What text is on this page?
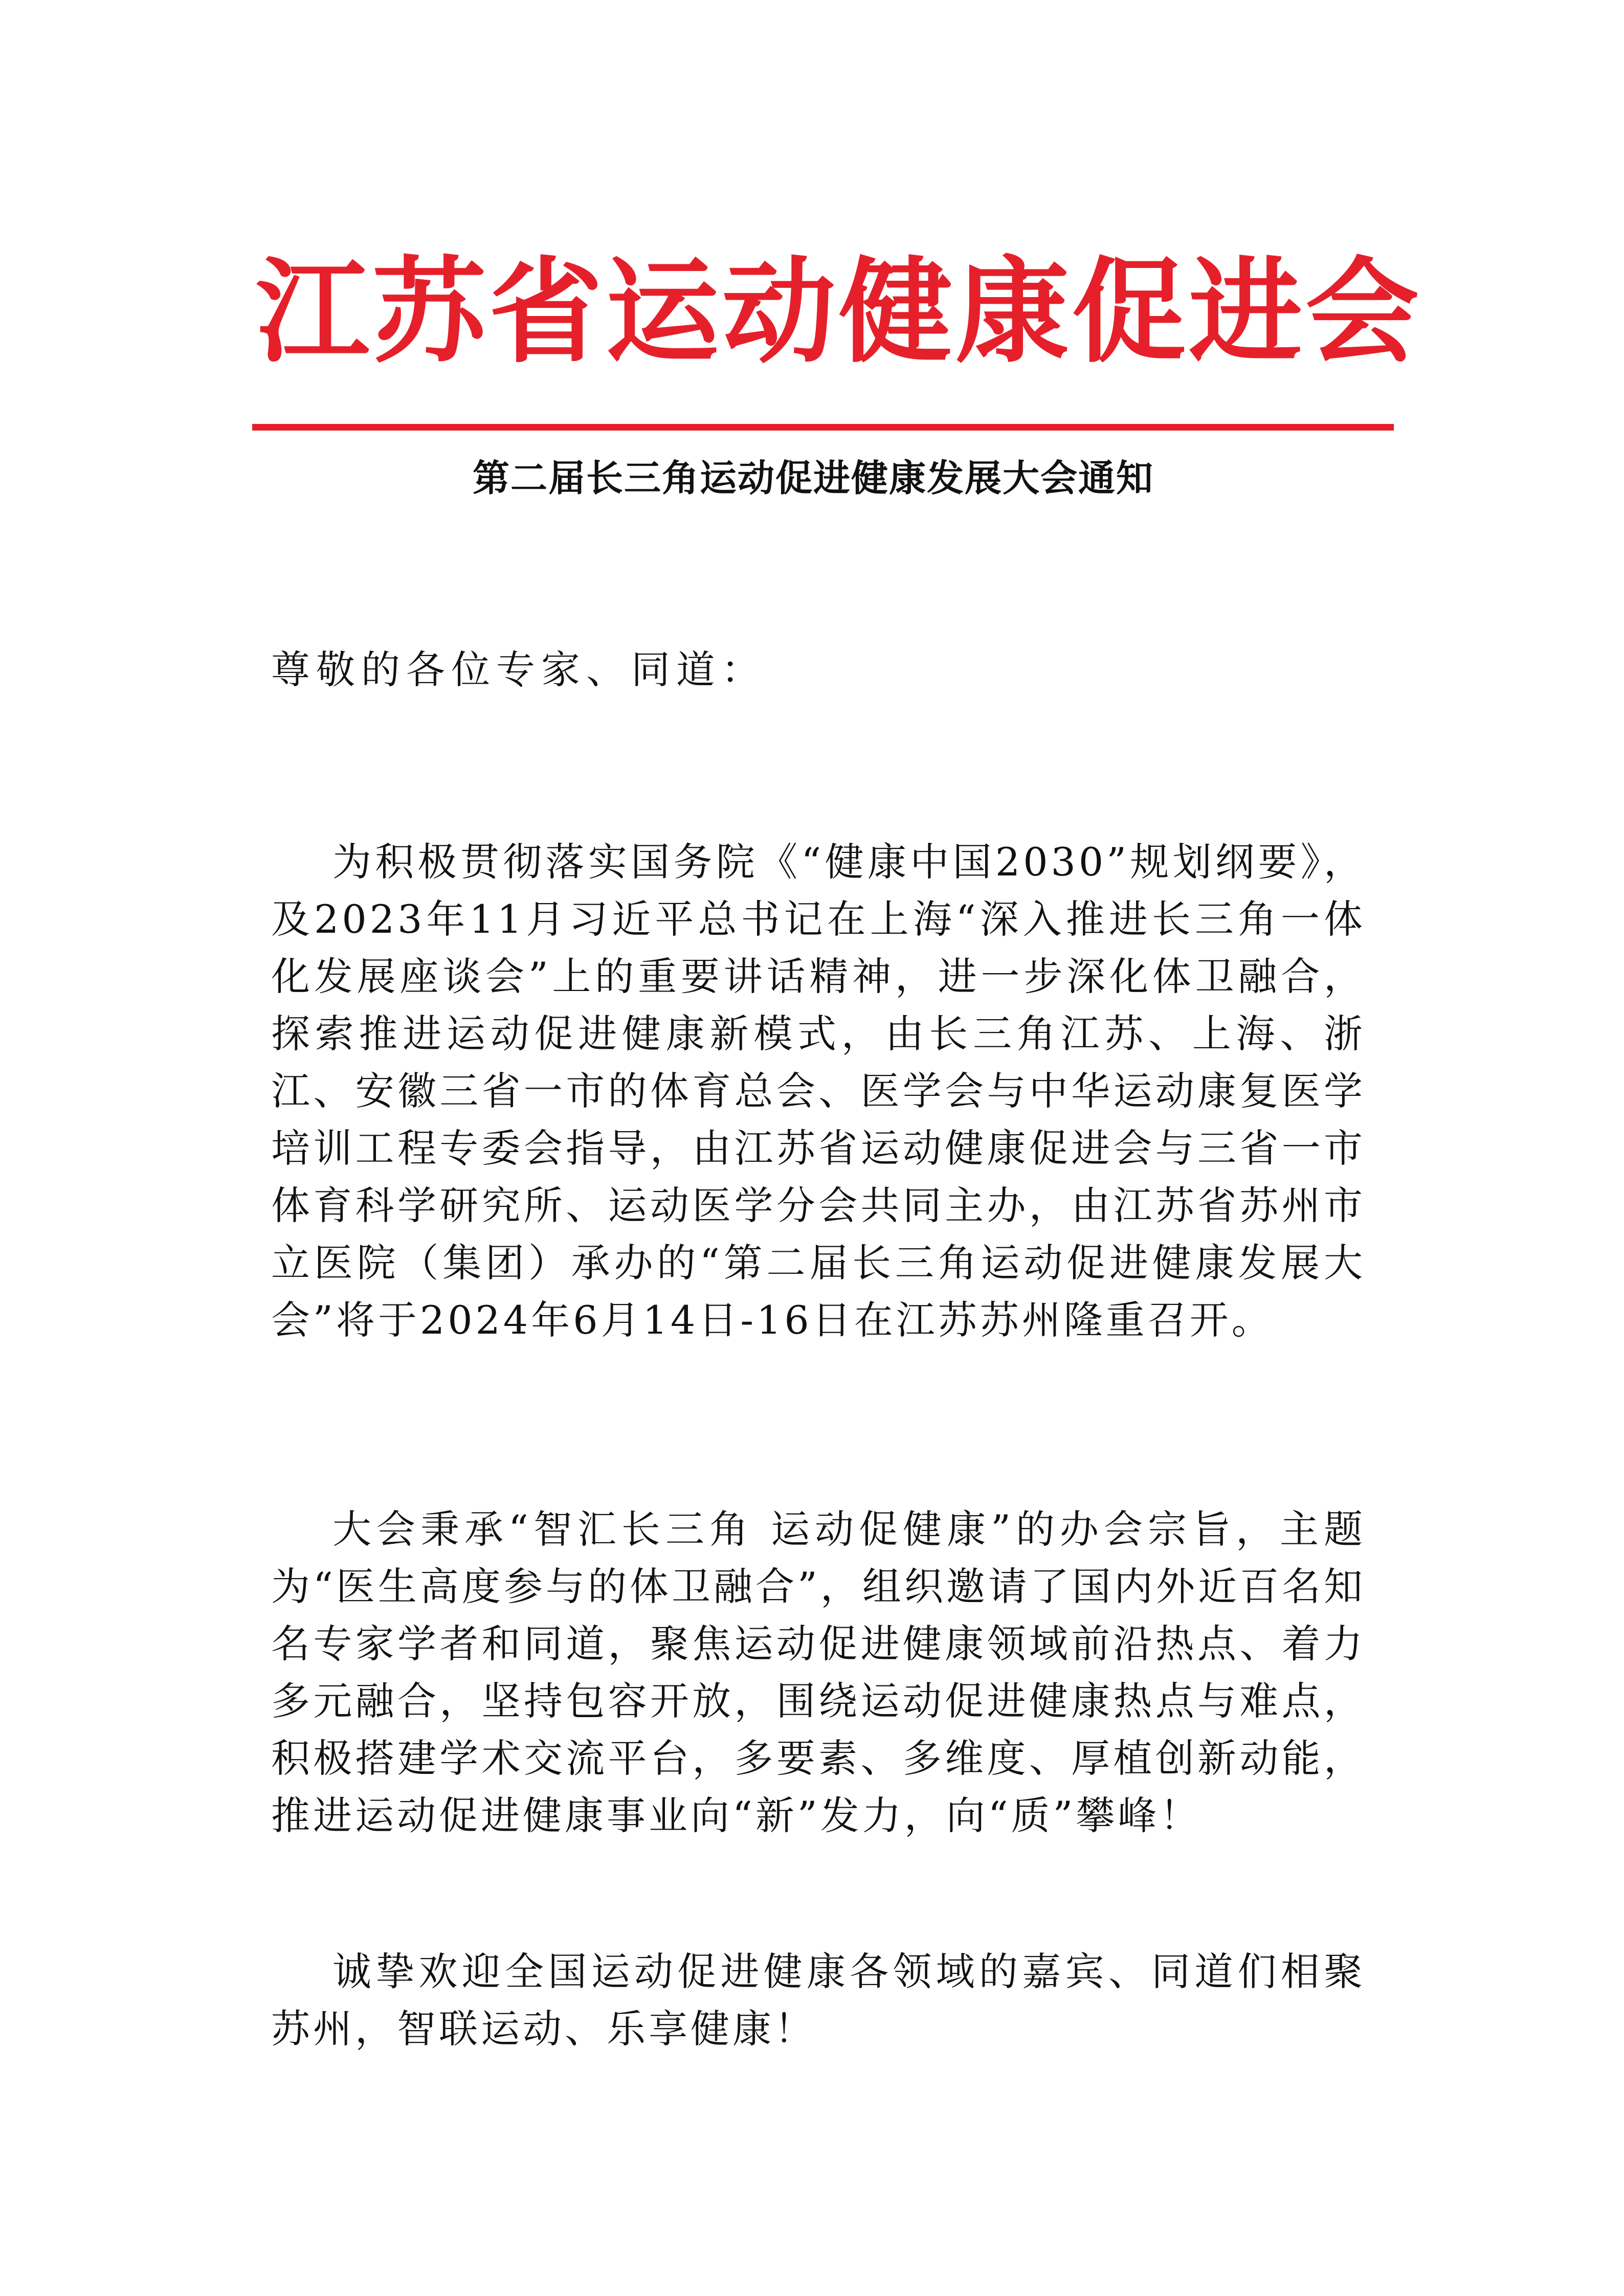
江苏省运动健康促进会
第二届长三角运动促进健康发展大会通知
尊敬的各位专家、同道：

为积极贯彻落实国务院《“健康中国2030”规划纲要》，及2023年11月习近平总书记在上海“深入推进长三角一体化发展座谈会”上的重要讲话精神，进一步深化体卫融合，探索推进运动促进健康新模式，由长三角江苏、上海、浙江、安徽三省一市的体育总会、医学会与中华运动康复医学培训工程专委会指导，由江苏省运动健康促进会与三省一市体育科学研究所、运动医学分会共同主办，由江苏省苏州市立医院（集团）承办的“第二届长三角运动促进健康发展大会”将于2024年6月14日-16日在江苏苏州隆重召开。

大会秉承“智汇长三角 运动促健康”的办会宗旨，主题为“医生高度参与的体卫融合”，组织邀请了国内外近百名知名专家学者和同道，聚焦运动促进健康领域前沿热点、着力多元融合，坚持包容开放，围绕运动促进健康热点与难点，积极搭建学术交流平台，多要素、多维度、厚植创新动能，推进运动促进健康事业向“新”发力，向“质”攀峰！

诚挚欢迎全国运动促进健康各领域的嘉宾、同道们相聚苏州，智联运动、乐享健康！
